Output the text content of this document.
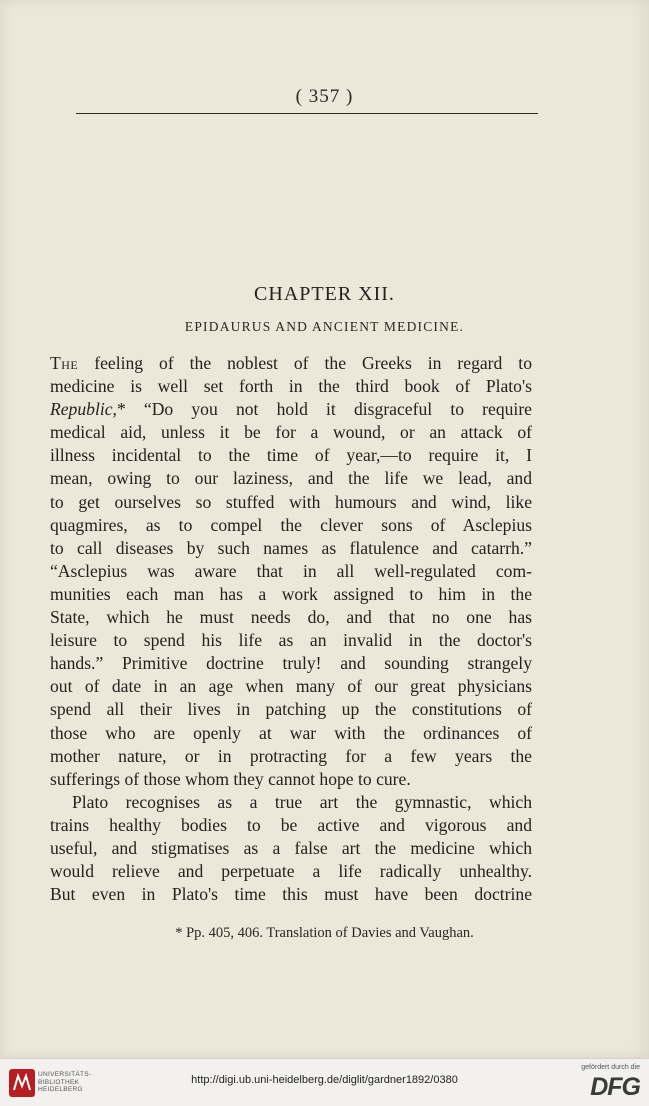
( 357 )
CHAPTER XII.
EPIDAURUS AND ANCIENT MEDICINE.
The feeling of the noblest of the Greeks in regard to
medicine is well set forth in the third book of Plato's
Republic,* “Do you not hold it disgraceful to require
medical aid, unless it be for a wound, or an attack of
illness incidental to the time of year,—to require it, I
mean, owing to our laziness, and the life we lead, and
to get ourselves so stuffed with humours and wind, like
quagmires, as to compel the clever sons of Asclepius
to call diseases by such names as flatulence and catarrh.”
“Asclepius was aware that in all well-regulated com-
munities each man has a work assigned to him in the
State, which he must needs do, and that no one has
leisure to spend his life as an invalid in the doctor's
hands.” Primitive doctrine truly! and sounding strangely
out of date in an age when many of our great physicians
spend all their lives in patching up the constitutions of
those who are openly at war with the ordinances of
mother nature, or in protracting for a few years the
sufferings of those whom they cannot hope to cure.
Plato recognises as a true art the gymnastic, which
trains healthy bodies to be active and vigorous and
useful, and stigmatises as a false art the medicine which
would relieve and perpetuate a life radically unhealthy.
But even in Plato's time this must have been doctrine
* Pp. 405, 406. Translation of Davies and Vaughan.
UNIVERSITÄTS-
BIBLIOTHEK
HEIDELBERG
http://digi.ub.uni-heidelberg.de/diglit/gardner1892/0380
gefördert durch die
DFG
